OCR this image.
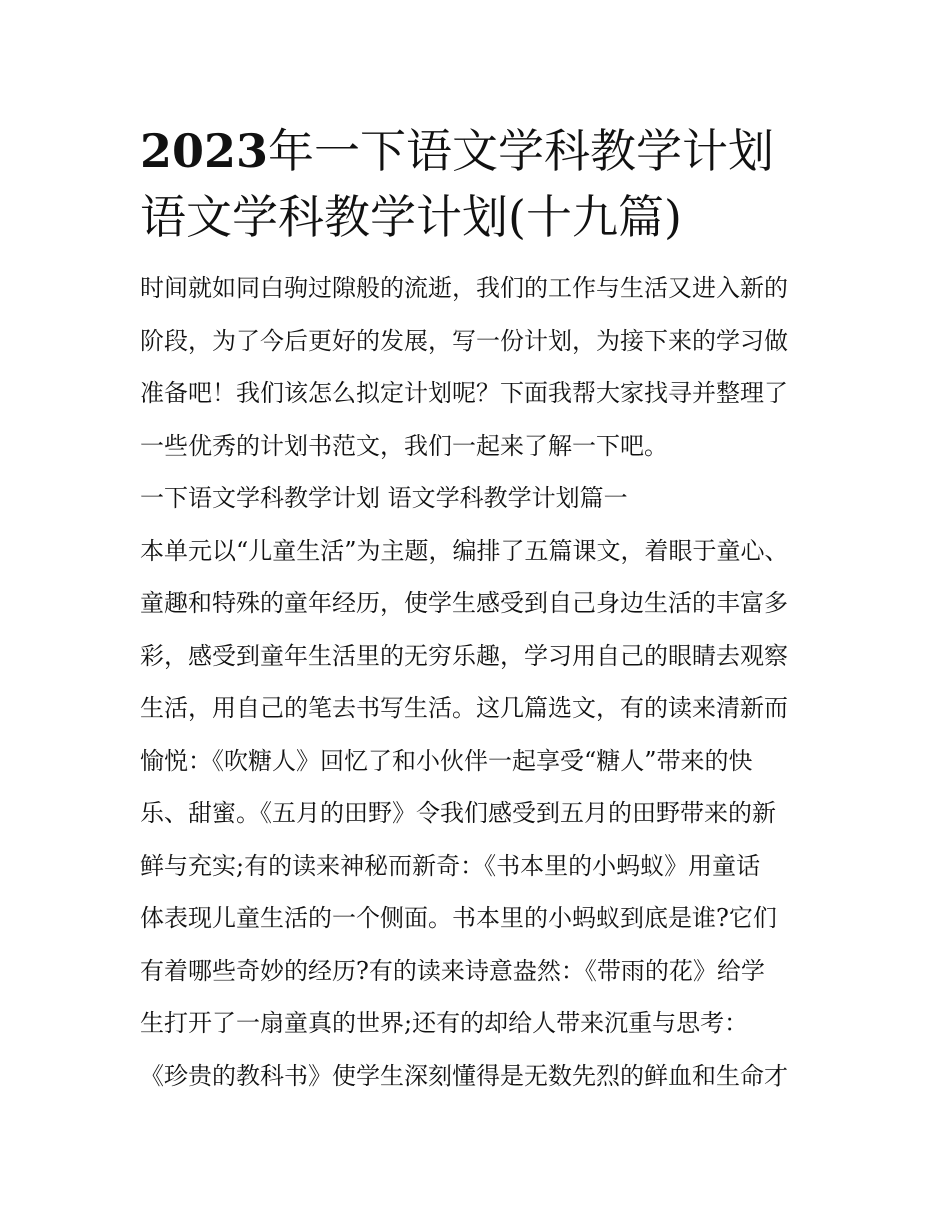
2023年一下语文学科教学计划
语文学科教学计划(十九篇)

时间就如同白驹过隙般的流逝，我们的工作与生活又进入新的
阶段，为了今后更好的发展，写一份计划，为接下来的学习做
准备吧！我们该怎么拟定计划呢？下面我帮大家找寻并整理了
一些优秀的计划书范文，我们一起来了解一下吧。

一下语文学科教学计划 语文学科教学计划篇一

本单元以“儿童生活”为主题，编排了五篇课文，着眼于童心、
童趣和特殊的童年经历，使学生感受到自己身边生活的丰富多
彩，感受到童年生活里的无穷乐趣，学习用自己的眼睛去观察
生活，用自己的笔去书写生活。这几篇选文，有的读来清新而
愉悦：《吹糖人》回忆了和小伙伴一起享受“糖人”带来的快
乐、甜蜜。《五月的田野》令我们感受到五月的田野带来的新
鲜与充实;有的读来神秘而新奇：《书本里的小蚂蚁》用童话
体表现儿童生活的一个侧面。书本里的小蚂蚁到底是谁?它们
有着哪些奇妙的经历?有的读来诗意盎然：《带雨的花》给学
生打开了一扇童真的世界;还有的却给人带来沉重与思考：
《珍贵的教科书》使学生深刻懂得是无数先烈的鲜血和生命才
